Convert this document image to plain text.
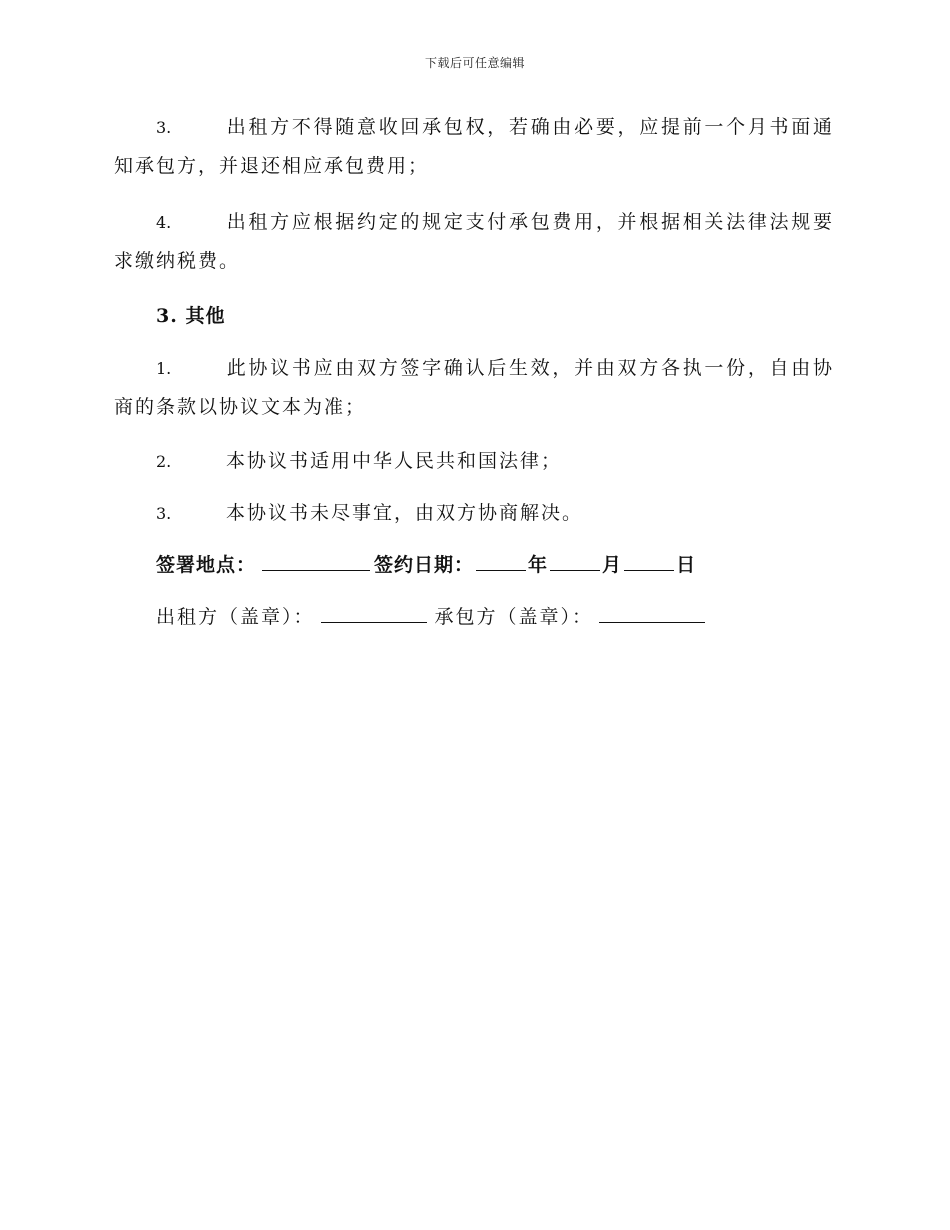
下载后可任意编辑
3.	出租方不得随意收回承包权，若确由必要，应提前一个月书面通知承包方，并退还相应承包费用；
4.	出租方应根据约定的规定支付承包费用，并根据相关法律法规要求缴纳税费。
3. 其他
1.	此协议书应由双方签字确认后生效，并由双方各执一份，自由协商的条款以协议文本为准；
2.	本协议书适用中华人民共和国法律；
3.	本协议书未尽事宜，由双方协商解决。
签署地点：	签约日期：	年	月	日
出租方（盖章）：	承包方（盖章）：
